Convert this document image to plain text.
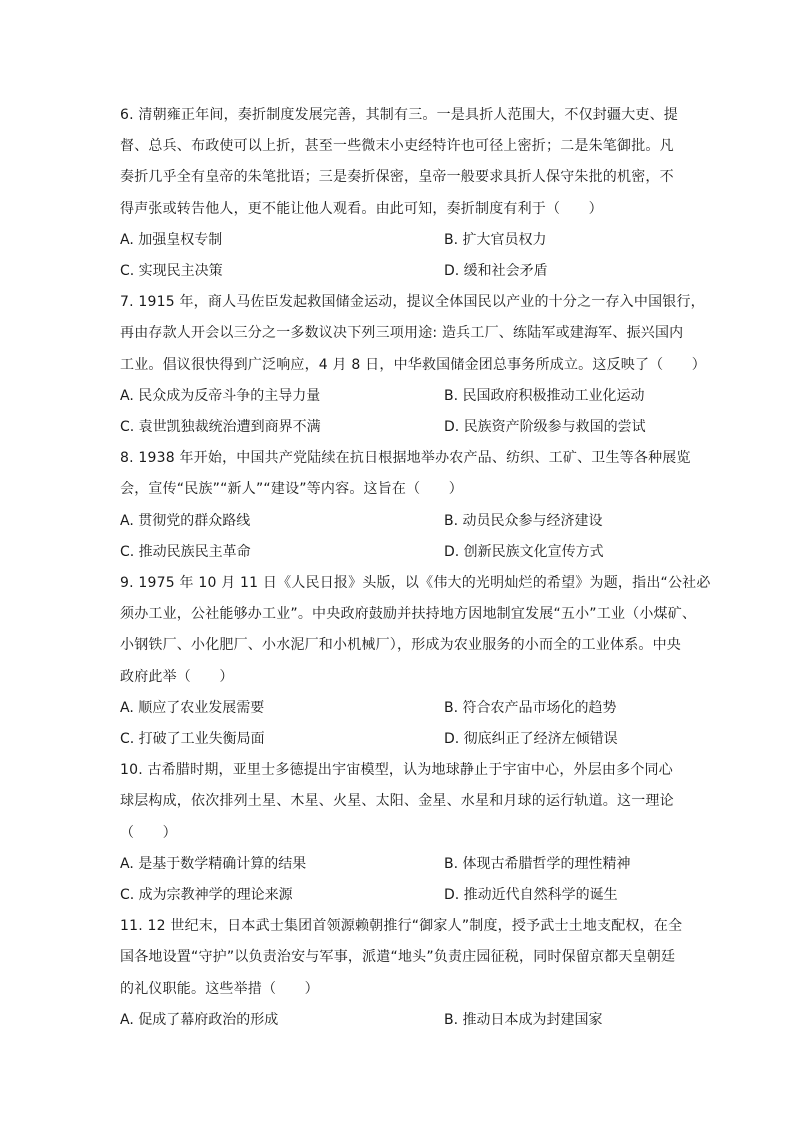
6. 清朝雍正年间，奏折制度发展完善，其制有三。一是具折人范围大，不仅封疆大吏、提
督、总兵、布政使可以上折，甚至一些微末小吏经特许也可径上密折；二是朱笔御批。凡
奏折几乎全有皇帝的朱笔批语；三是奏折保密，皇帝一般要求具折人保守朱批的机密，不
得声张或转告他人，更不能让他人观看。由此可知，奏折制度有利于（　　）
A. 加强皇权专制	B. 扩大官员权力
C. 实现民主决策	D. 缓和社会矛盾
7. 1915 年，商人马佐臣发起救国储金运动，提议全体国民以产业的十分之一存入中国银行，
再由存款人开会以三分之一多数议决下列三项用途: 造兵工厂、练陆军或建海军、振兴国内
工业。倡议很快得到广泛响应，4 月 8 日，中华救国储金团总事务所成立。这反映了（　　）
A. 民众成为反帝斗争的主导力量	B. 民国政府积极推动工业化运动
C. 袁世凯独裁统治遭到商界不满	D. 民族资产阶级参与救国的尝试
8. 1938 年开始，中国共产党陆续在抗日根据地举办农产品、纺织、工矿、卫生等各种展览
会，宣传“民族”“新人”“建设”等内容。这旨在（　　）
A. 贯彻党的群众路线	B. 动员民众参与经济建设
C. 推动民族民主革命	D. 创新民族文化宣传方式
9. 1975 年 10 月 11 日《人民日报》头版，以《伟大的光明灿烂的希望》为题，指出“公社必
须办工业，公社能够办工业”。中央政府鼓励并扶持地方因地制宜发展“五小”工业（小煤矿、
小钢铁厂、小化肥厂、小水泥厂和小机械厂），形成为农业服务的小而全的工业体系。中央
政府此举（　　）
A. 顺应了农业发展需要	B. 符合农产品市场化的趋势
C. 打破了工业失衡局面	D. 彻底纠正了经济左倾错误
10. 古希腊时期，亚里士多德提出宇宙模型，认为地球静止于宇宙中心，外层由多个同心
球层构成，依次排列土星、木星、火星、太阳、金星、水星和月球的运行轨道。这一理论
（　　）
A. 是基于数学精确计算的结果	B. 体现古希腊哲学的理性精神
C. 成为宗教神学的理论来源	D. 推动近代自然科学的诞生
11. 12 世纪末，日本武士集团首领源赖朝推行“御家人”制度，授予武士土地支配权，在全
国各地设置“守护”以负责治安与军事，派遣“地头”负责庄园征税，同时保留京都天皇朝廷
的礼仪职能。这些举措（　　）
A. 促成了幕府政治的形成	B. 推动日本成为封建国家
